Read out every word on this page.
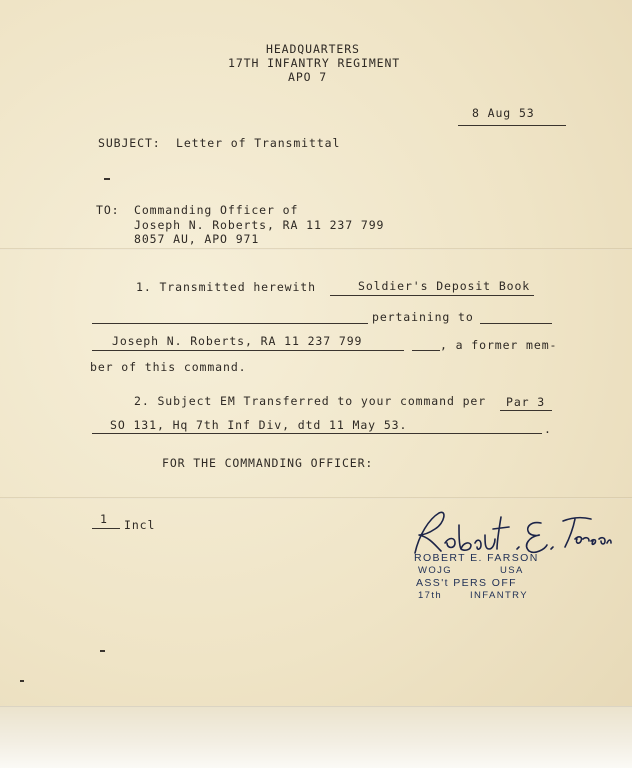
HEADQUARTERS
17TH INFANTRY REGIMENT
APO 7
8 Aug 53
SUBJECT: Letter of Transmittal
TO: Commanding Officer of
Joseph N. Roberts, RA 11 237 799
8057 AU, APO 971
1. Transmitted herewith	Soldier's Deposit Book
pertaining to
Joseph N. Roberts, RA 11 237 799	, a former mem-
ber of this command.
2. Subject EM Transferred to your command per Par 3
SO 131, Hq 7th Inf Div, dtd 11 May 53.	.
FOR THE COMMANDING OFFICER:
1 Incl
ROBERT E. FARSON
WOJG	USA
ASS't PERS OFF
17th	INFANTRY
